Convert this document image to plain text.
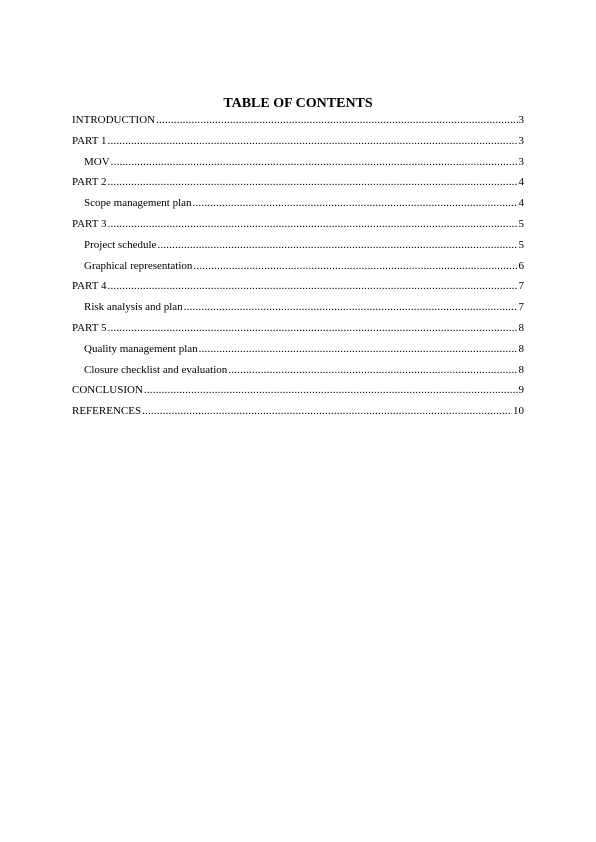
TABLE OF CONTENTS
INTRODUCTION .....	3
PART 1 .....	3
MOV .....	3
PART 2 .....	4
Scope management plan .....	4
PART 3 .....	5
Project schedule .....	5
Graphical representation .....	6
PART 4 .....	7
Risk analysis and plan .....	7
PART 5 .....	8
Quality management plan .....	8
Closure checklist and evaluation .....	8
CONCLUSION .....	9
REFERENCES .....	10
